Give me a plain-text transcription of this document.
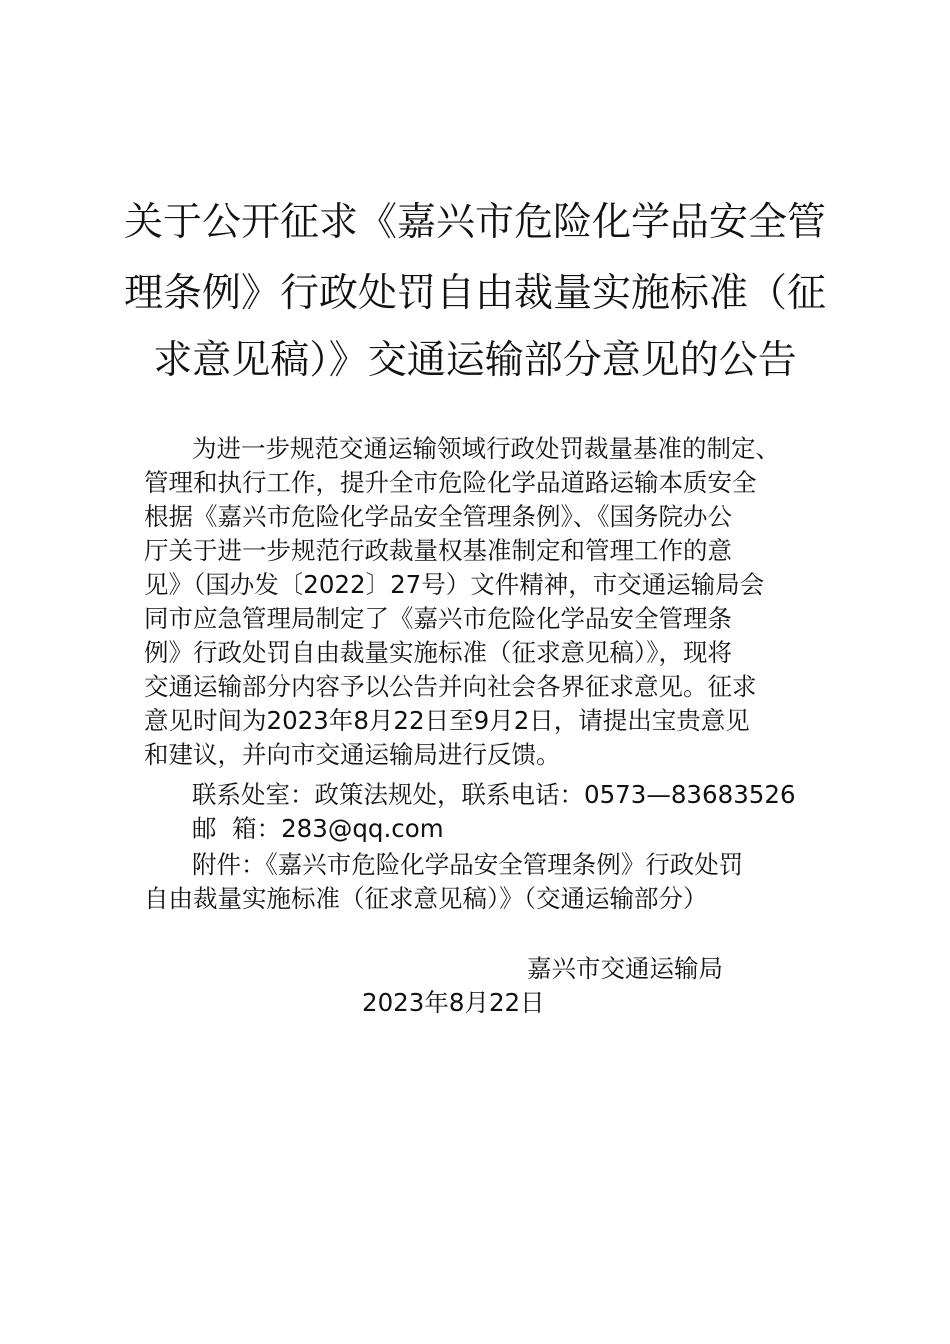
关于公开征求《嘉兴市危险化学品安全管
理条例》行政处罚自由裁量实施标准（征
求意见稿）》交通运输部分意见的公告
为进一步规范交通运输领域行政处罚裁量基准的制定、
管理和执行工作，提升全市危险化学品道路运输本质安全
根据《嘉兴市危险化学品安全管理条例》、《国务院办公
厅关于进一步规范行政裁量权基准制定和管理工作的意
见》（国办发〔2022〕27号）文件精神，市交通运输局会
同市应急管理局制定了《嘉兴市危险化学品安全管理条
例》行政处罚自由裁量实施标准（征求意见稿）》，现将
交通运输部分内容予以公告并向社会各界征求意见。征求
意见时间为2023年8月22日至9月2日，请提出宝贵意见
和建议，并向市交通运输局进行反馈。
联系处室：政策法规处，联系电话：0573—83683526
邮  箱：283@qq.com
附件：《嘉兴市危险化学品安全管理条例》行政处罚
自由裁量实施标准（征求意见稿）》（交通运输部分）
嘉兴市交通运输局
2023年8月22日
